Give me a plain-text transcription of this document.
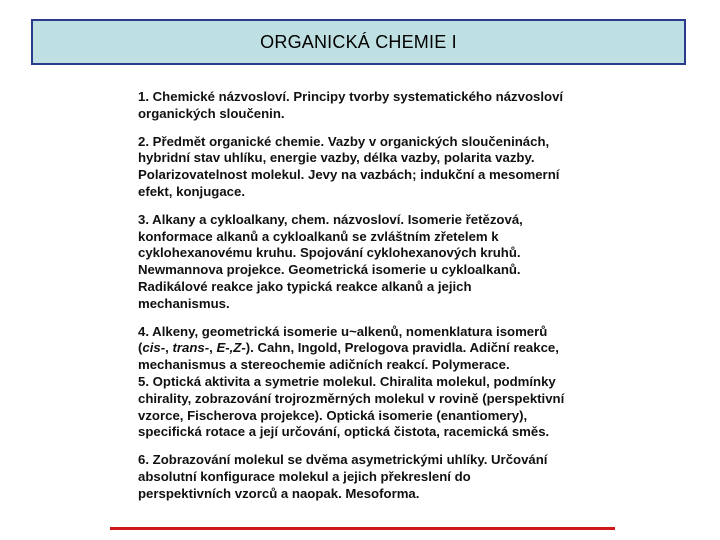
ORGANICKÁ CHEMIE I
1. Chemické názvosloví. Principy tvorby systematického názvosloví
organických sloučenin.
2. Předmět organické chemie. Vazby v organických sloučeninách,
hybridní stav uhlíku, energie vazby, délka vazby, polarita vazby.
Polarizovatelnost molekul. Jevy na vazbách; indukční a mesomerní
efekt, konjugace.
3. Alkany a cykloalkany, chem. názvosloví. Isomerie řetězová,
konformace alkanů a cykloalkanů se zvláštním zřetelem k
cyklohexanovému kruhu. Spojování cyklohexanových kruhů.
Newmannova projekce. Geometrická isomerie u cykloalkanů.
Radikálové reakce jako typická reakce alkanů a jejich
mechanismus.
4. Alkeny, geometrická isomerie u~alkenů, nomenklatura isomerů
(cis-, trans-, E-,Z-). Cahn, Ingold, Prelogova pravidla. Adiční reakce,
mechanismus a stereochemie adičních reakcí. Polymerace.
5. Optická aktivita a symetrie molekul. Chiralita molekul, podmínky
chirality, zobrazování trojrozměrných molekul v rovině (perspektivní
vzorce, Fischerova projekce). Optická isomerie (enantiomery),
specifická rotace a její určování, optická čistota, racemická směs.
6. Zobrazování molekul se dvěma asymetrickými uhlíky. Určování
absolutní konfigurace molekul a jejich překreslení do
perspektivních vzorců a naopak. Mesoforma.
